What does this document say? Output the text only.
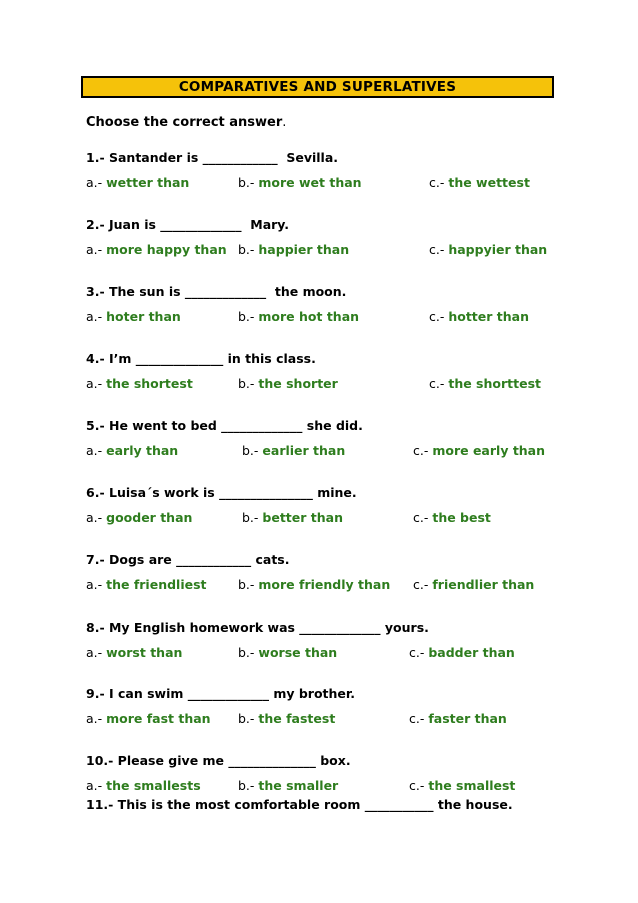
COMPARATIVES AND SUPERLATIVES
Choose the correct answer.
1.- Santander is ____________  Sevilla.
a.- wetter than	b.- more wet than	c.- the wettest
2.- Juan is _____________  Mary.
a.- more happy than b.- happier than	c.- happyier than
3.- The sun is _____________  the moon.
a.- hoter than	b.- more hot than	c.- hotter than
4.- I’m ______________ in this class.
a.- the shortest	b.- the shorter	c.- the shorttest
5.- He went to bed _____________ she did.
a.- early than	b.- earlier than	c.- more early than
6.- Luisa´s work is _______________ mine.
a.- gooder than	b.- better than	c.- the best
7.- Dogs are ____________ cats.
a.- the friendliest	b.- more friendly than c.- friendlier than
8.- My English homework was _____________ yours.
a.- worst than	b.- worse than	c.- badder than
9.- I can swim _____________ my brother.
a.- more fast than b.- the fastest	c.- faster than
10.- Please give me ______________ box.
a.- the smallests	b.- the smaller	c.- the smallest
11.- This is the most comfortable room ___________ the house.
